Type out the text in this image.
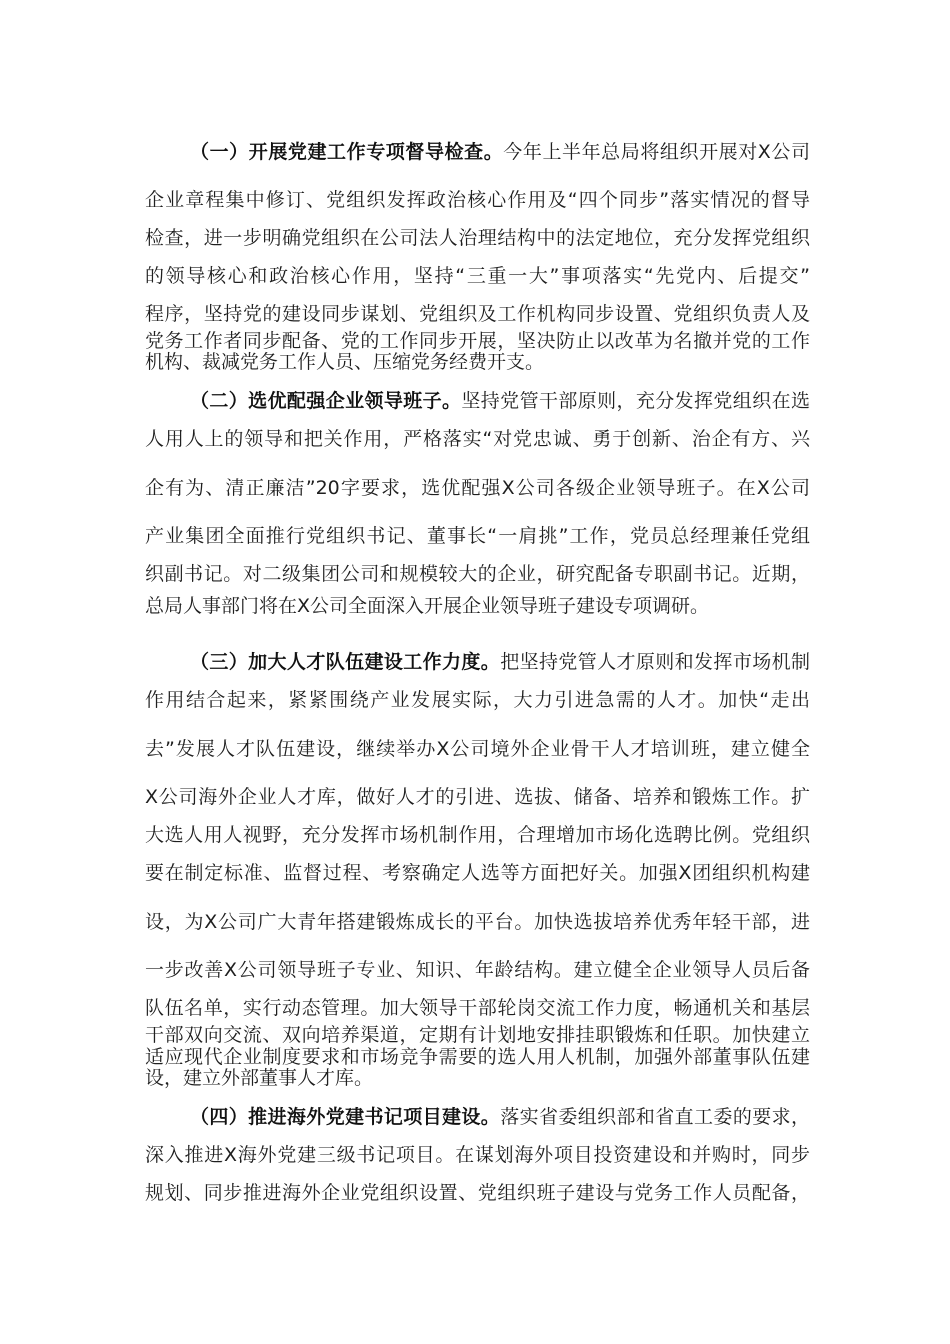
（一）开展党建工作专项督导检查。今年上半年总局将组织开展对Ⅹ公司
企业章程集中修订、党组织发挥政治核心作用及“四个同步”落实情况的督导
检查，进一步明确党组织在公司法人治理结构中的法定地位，充分发挥党组织
的领导核心和政治核心作用，坚持“三重一大”事项落实“先党内、后提交”
程序，坚持党的建设同步谋划、党组织及工作机构同步设置、党组织负责人及
党务工作者同步配备、党的工作同步开展，坚决防止以改革为名撤并党的工作
机构、裁减党务工作人员、压缩党务经费开支。
（二）选优配强企业领导班子。坚持党管干部原则，充分发挥党组织在选
人用人上的领导和把关作用，严格落实“对党忠诚、勇于创新、治企有方、兴
企有为、清正廉洁”20字要求，选优配强Ⅹ公司各级企业领导班子。在Ⅹ公司
产业集团全面推行党组织书记、董事长“一肩挑”工作，党员总经理兼任党组
织副书记。对二级集团公司和规模较大的企业，研究配备专职副书记。近期，
总局人事部门将在Ⅹ公司全面深入开展企业领导班子建设专项调研。
（三）加大人才队伍建设工作力度。把坚持党管人才原则和发挥市场机制
作用结合起来，紧紧围绕产业发展实际，大力引进急需的人才。加快“走出
去”发展人才队伍建设，继续举办Ⅹ公司境外企业骨干人才培训班，建立健全
Ⅹ公司海外企业人才库，做好人才的引进、选拔、储备、培养和锻炼工作。扩
大选人用人视野，充分发挥市场机制作用，合理增加市场化选聘比例。党组织
要在制定标准、监督过程、考察确定人选等方面把好关。加强Ⅹ团组织机构建
设，为Ⅹ公司广大青年搭建锻炼成长的平台。加快选拔培养优秀年轻干部，进
一步改善Ⅹ公司领导班子专业、知识、年龄结构。建立健全企业领导人员后备
队伍名单，实行动态管理。加大领导干部轮岗交流工作力度，畅通机关和基层
干部双向交流、双向培养渠道，定期有计划地安排挂职锻炼和任职。加快建立
适应现代企业制度要求和市场竞争需要的选人用人机制，加强外部董事队伍建
设，建立外部董事人才库。
（四）推进海外党建书记项目建设。落实省委组织部和省直工委的要求，
深入推进Ⅹ海外党建三级书记项目。在谋划海外项目投资建设和并购时，同步
规划、同步推进海外企业党组织设置、党组织班子建设与党务工作人员配备，
